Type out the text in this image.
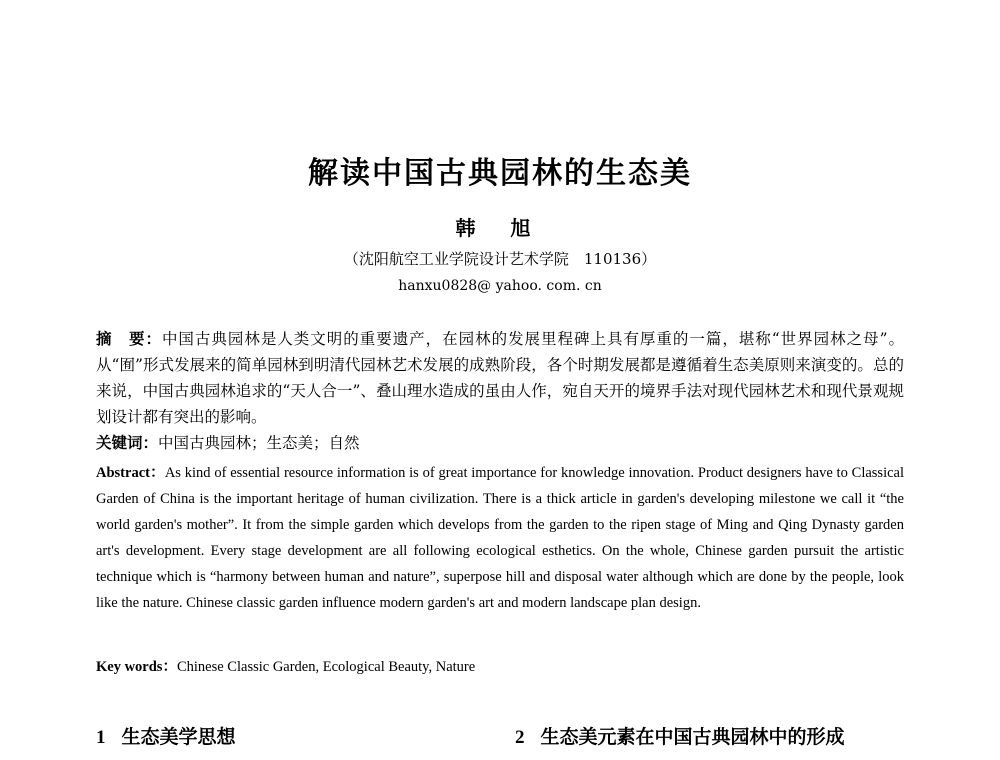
解读中国古典园林的生态美
韩 旭
（沈阳航空工业学院设计艺术学院　110136）
hanxu0828@ yahoo. com. cn
摘　要：中国古典园林是人类文明的重要遗产，在园林的发展里程碑上具有厚重的一篇，堪称“世界园林之母”。从“囿”形式发展来的简单园林到明清代园林艺术发展的成熟阶段，各个时期发展都是遵循着生态美原则来演变的。总的来说，中国古典园林追求的“天人合一”、叠山理水造成的虽由人作，宛自天开的境界手法对现代园林艺术和现代景观规划设计都有突出的影响。
关键词：中国古典园林；生态美；自然
Abstract：As kind of essential resource information is of great importance for knowledge innovation. Product designers have to Classical Garden of China is the important heritage of human civilization. There is a thick article in garden's developing milestone we call it “the world garden's mother”. It from the simple garden which develops from the garden to the ripen stage of Ming and Qing Dynasty garden art's development. Every stage development are all following ecological esthetics. On the whole, Chinese garden pursuit the artistic technique which is “harmony between human and nature”, superpose hill and disposal water although which are done by the people, look like the nature. Chinese classic garden influence modern garden's art and modern landscape plan design.
Key words：Chinese Classic Garden, Ecological Beauty, Nature
1 生态美学思想	2 生态美元素在中国古典园林中的形成
